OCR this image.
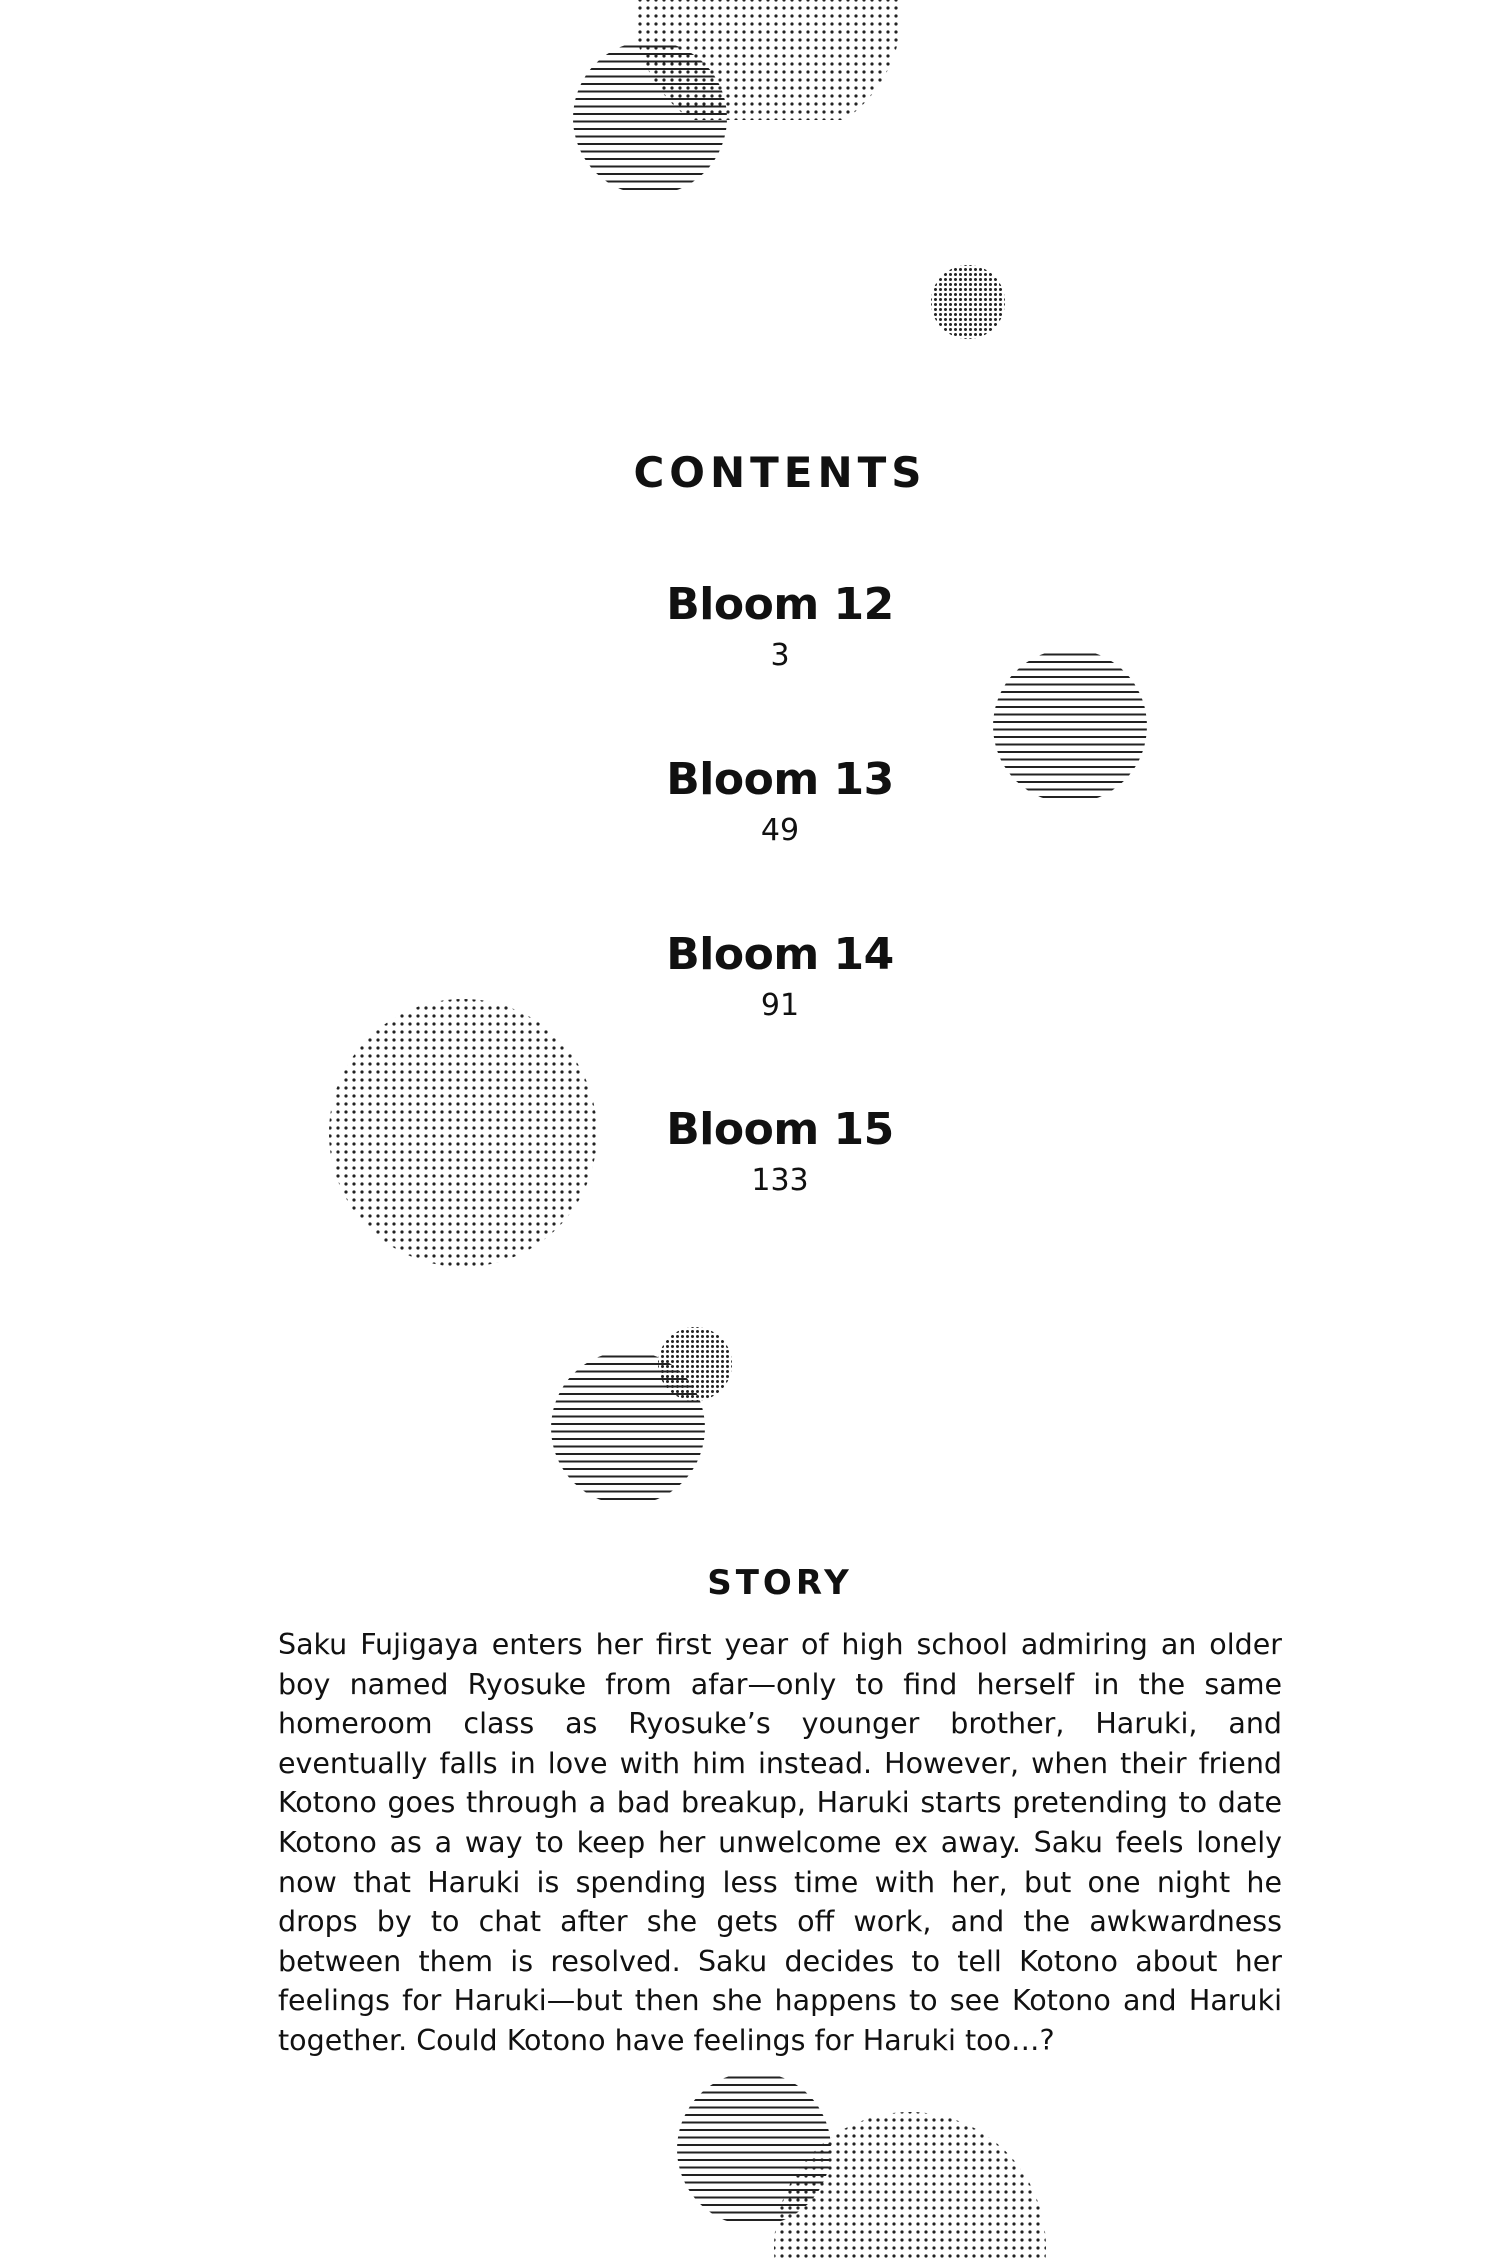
CONTENTS
Bloom 12
3
Bloom 13
49
Bloom 14
91
Bloom 15
133
STORY

Saku Fujigaya enters her first year of high school admiring an older boy named Ryosuke from afar—only to find herself in the same homeroom class as Ryosuke’s younger brother, Haruki, and eventually falls in love with him instead. However, when their friend Kotono goes through a bad breakup, Haruki starts pretending to date Kotono as a way to keep her unwelcome ex away. Saku feels lonely now that Haruki is spending less time with her, but one night he drops by to chat after she gets off work, and the awkwardness between them is resolved. Saku decides to tell Kotono about her feelings for Haruki—but then she happens to see Kotono and Haruki together. Could Kotono have feelings for Haruki too…?
